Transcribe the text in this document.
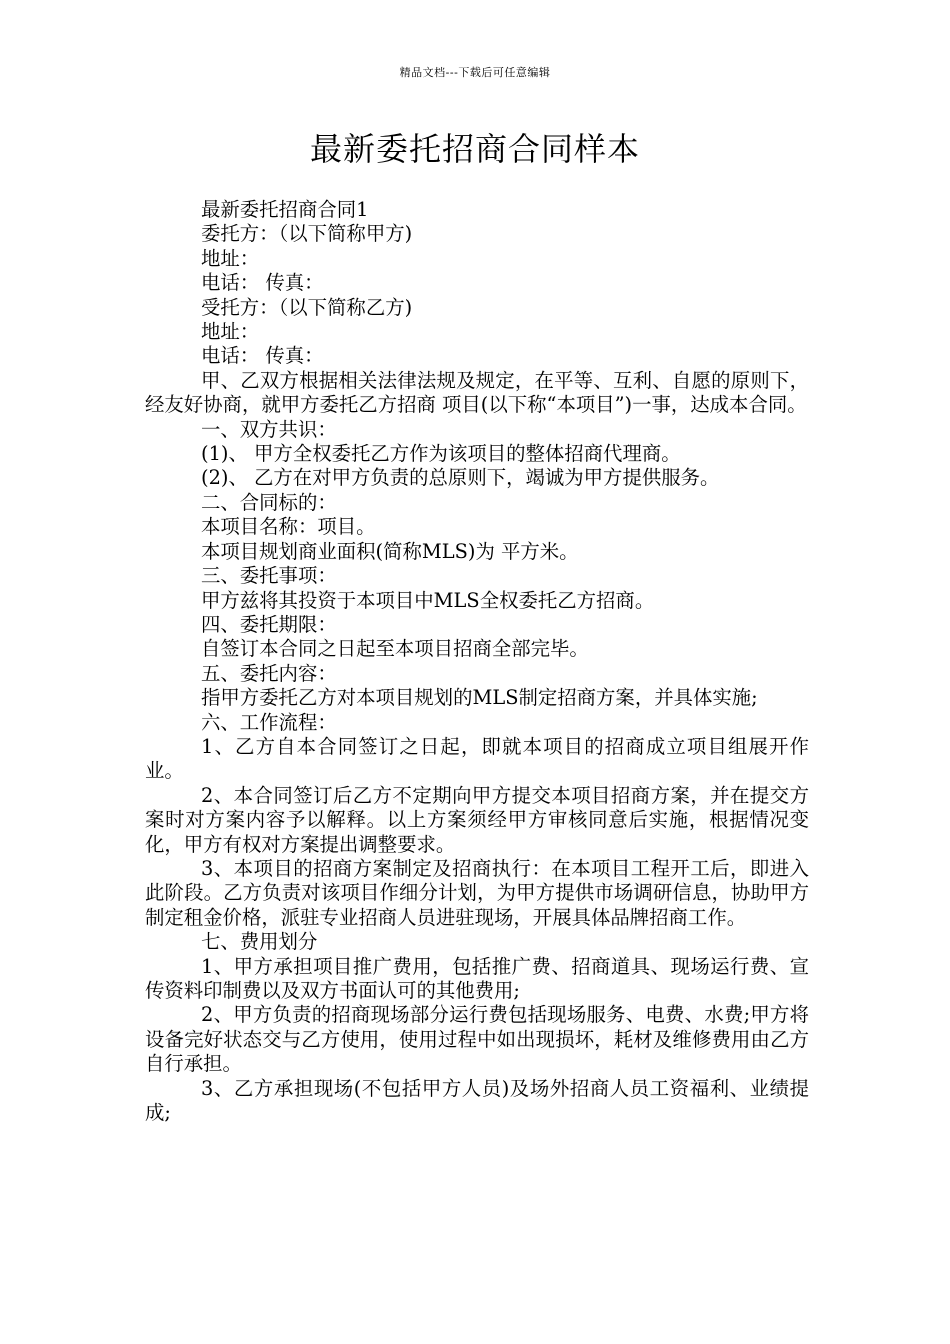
精品文档---下载后可任意编辑
最新委托招商合同样本

最新委托招商合同1

委托方：（以下简称甲方)

地址：

电话： 传真：

受托方：（以下简称乙方)

地址：

电话： 传真：

甲、乙双方根据相关法律法规及规定，在平等、互利、自愿的原则下，经友好协商，就甲方委托乙方招商 项目(以下称“本项目”)一事，达成本合同。

一、双方共识：

(1)、 甲方全权委托乙方作为该项目的整体招商代理商。

(2)、 乙方在对甲方负责的总原则下，竭诚为甲方提供服务。

二、合同标的：

本项目名称：项目。

本项目规划商业面积(简称MLS)为 平方米。

三、委托事项：

甲方兹将其投资于本项目中MLS全权委托乙方招商。

四、委托期限：

自签订本合同之日起至本项目招商全部完毕。

五、委托内容：

指甲方委托乙方对本项目规划的MLS制定招商方案，并具体实施;

六、工作流程：

1、乙方自本合同签订之日起，即就本项目的招商成立项目组展开作业。

2、本合同签订后乙方不定期向甲方提交本项目招商方案，并在提交方案时对方案内容予以解释。以上方案须经甲方审核同意后实施，根据情况变化，甲方有权对方案提出调整要求。

3、本项目的招商方案制定及招商执行：在本项目工程开工后，即进入此阶段。乙方负责对该项目作细分计划，为甲方提供市场调研信息，协助甲方制定租金价格，派驻专业招商人员进驻现场，开展具体品牌招商工作。

七、费用划分

1、甲方承担项目推广费用，包括推广费、招商道具、现场运行费、宣传资料印制费以及双方书面认可的其他费用;

2、甲方负责的招商现场部分运行费包括现场服务、电费、水费;甲方将设备完好状态交与乙方使用，使用过程中如出现损坏，耗材及维修费用由乙方自行承担。

3、乙方承担现场(不包括甲方人员)及场外招商人员工资福利、业绩提成;
